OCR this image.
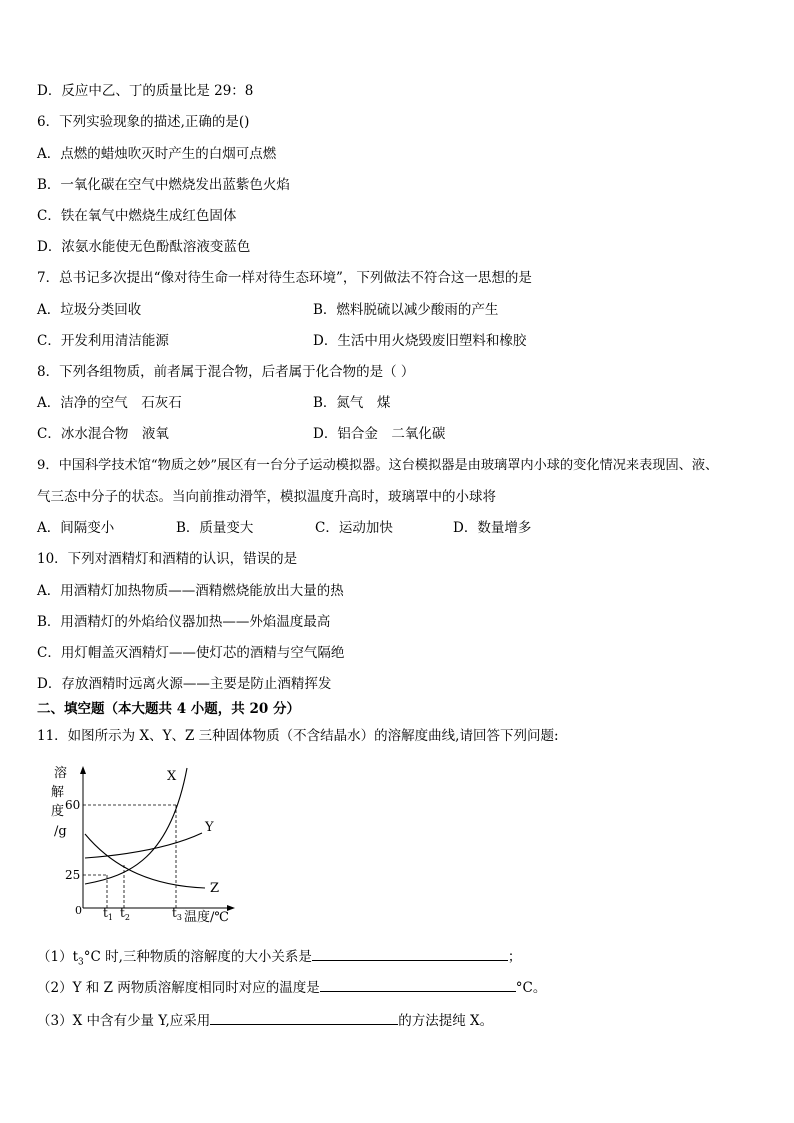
D．反应中乙、丁的质量比是 29：8
6．下列实验现象的描述,正确的是()
A．点燃的蜡烛吹灭时产生的白烟可点燃
B．一氧化碳在空气中燃烧发出蓝紫色火焰
C．铁在氧气中燃烧生成红色固体
D．浓氨水能使无色酚酞溶液变蓝色
7．总书记多次提出“像对待生命一样对待生态环境”，下列做法不符合这一思想的是
A．垃圾分类回收	B．燃料脱硫以减少酸雨的产生
C．开发利用清洁能源	D．生活中用火烧毁废旧塑料和橡胶
8．下列各组物质，前者属于混合物，后者属于化合物的是（ ）
A．洁净的空气　石灰石	B．氮气　煤
C．冰水混合物　液氧	D．铝合金　二氧化碳
9．中国科学技术馆“物质之妙”展区有一台分子运动模拟器。这台模拟器是由玻璃罩内小球的变化情况来表现固、液、
气三态中分子的状态。当向前推动滑竿，模拟温度升高时，玻璃罩中的小球将
A．间隔变小	B．质量变大	C．运动加快	D．数量增多
10．下列对酒精灯和酒精的认识，错误的是
A．用酒精灯加热物质——酒精燃烧能放出大量的热
B．用酒精灯的外焰给仪器加热——外焰温度最高
C．用灯帽盖灭酒精灯——使灯芯的酒精与空气隔绝
D．存放酒精时远离火源——主要是防止酒精挥发
二、填空题（本大题共 4 小题，共 20 分）
11．如图所示为 X、Y、Z 三种固体物质（不含结晶水）的溶解度曲线,请回答下列问题:
溶
解
度
/g
X
Y
Z
60
25
0 $t_1$ $t_2$	$t_3$ 温度/℃
$(1)t_3^\circ C$ 时,三种物质的溶解度的大小关系是	；
（2）Y 和 Z 两物质溶解度相同时对应的温度是	°C。
（3）X 中含有少量 Y,应采用	的方法提纯 X。
